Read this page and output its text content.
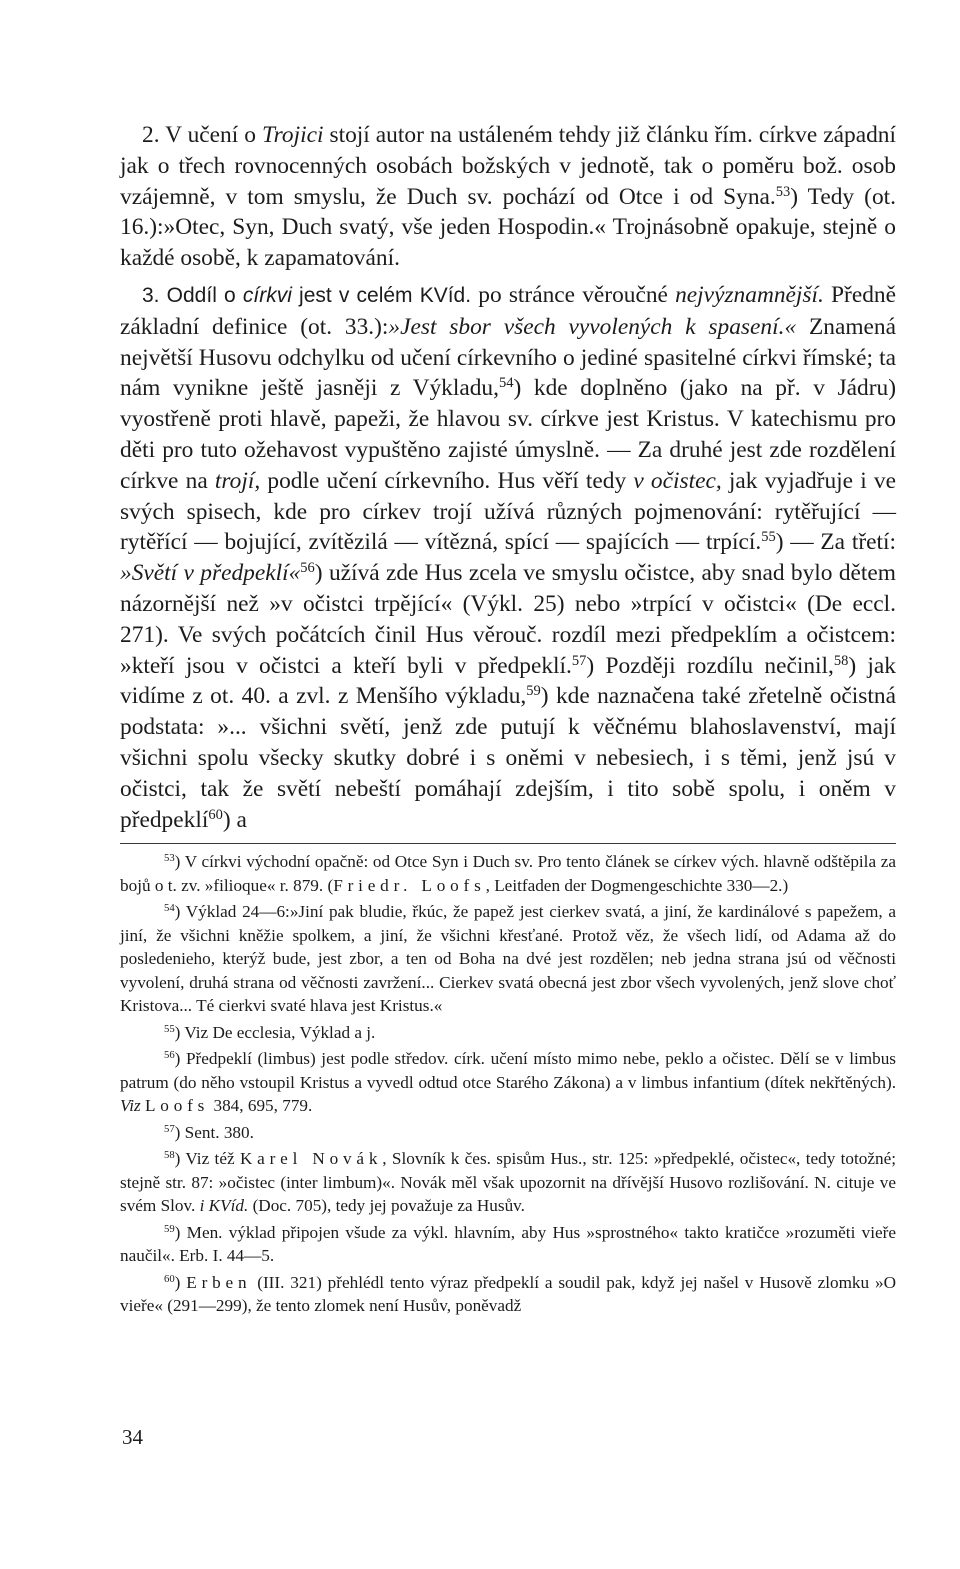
2. V učení o Trojici stojí autor na ustáleném tehdy již článku řím. církve západní jak o třech rovnocenných osobách božských v jednotě, tak o poměru bož. osob vzájemně, v tom smyslu, že Duch sv. pochází od Otce i od Syna.$^{53}$) Tedy (ot. 16.):»Otec, Syn, Duch svatý, vše jeden Hospodin.« Trojnásobně opakuje, stejně o každé osobě, k zapamatování.

3. Oddíl o církvi jest v celém KVíd. po stránce věroučné nejvýznamnější. Předně základní definice (ot. 33.):»Jest sbor všech vyvolených k spasení.« Znamená největší Husovu odchylku od učení církevního o jediné spasitelné církvi římské; ta nám vynikne ještě jasněji z Výkladu,$^{54}$) kde doplněno (jako na př. v Jádru) vyostřeně proti hlavě, papeži, že hlavou sv. církve jest Kristus. V katechismu pro děti pro tuto ožehavost vypuštěno zajisté úmyslně. — Za druhé jest zde rozdělení církve na trojí, podle učení církevního. Hus věří tedy v očistec, jak vyjadřuje i ve svých spisech, kde pro církev trojí užívá různých pojmenování: rytěřující — rytěřící — bojující, zvítězilá — vítězná, spící — spajících — trpící.$^{55}$) — Za třetí: »Světí v předpeklí«$^{56}$) užívá zde Hus zcela ve smyslu očistce, aby snad bylo dětem názornější než »v očistci trpějící« (Výkl. 25) nebo »trpící v očistci« (De eccl. 271). Ve svých počátcích činil Hus věrouč. rozdíl mezi předpeklím a očistcem: »kteří jsou v očistci a kteří byli v předpeklí.$^{57}$) Později rozdílu nečinil,$^{58}$) jak vidíme z ot. 40. a zvl. z Menšího výkladu,$^{59}$) kde naznačena také zřetelně očistná podstata: »... všichni světí, jenž zde putují k věčnému blahoslavenství, mají všichni spolu všecky skutky dobré i s oněmi v nebesiech, i s těmi, jenž jsú v očistci, tak že světí nebeští pomáhají zdejším, i tito sobě spolu, i oněm v předpeklí$^{60}$) a

$^{53}$) V církvi východní opačně: od Otce Syn i Duch sv. Pro tento článek se církev vých. hlavně odštěpila za bojů o t. zv. »filioque« r. 879. (Friedr. Loofs, Leitfaden der Dogmengeschichte 330—2.)

$^{54}$) Výklad 24—6:»Jiní pak bludie, řkúc, že papež jest cierkev svatá, a jiní, že kardinálové s papežem, a jiní, že všichni kněžie spolkem, a jiní, že všichni křesťané. Protož věz, že všech lidí, od Adama až do posledenieho, kterýž bude, jest zbor, a ten od Boha na dvé jest rozdělen; neb jedna strana jsú od věčnosti vyvolení, druhá strana od věčnosti zavržení... Cierkev svatá obecná jest zbor všech vyvolených, jenž slove choť Kristova... Té cierkvi svaté hlava jest Kristus.«

$^{55}$) Viz De ecclesia, Výklad a j.

$^{56}$) Předpeklí (limbus) jest podle středov. círk. učení místo mimo nebe, peklo a očistec. Dělí se v limbus patrum (do něho vstoupil Kristus a vyvedl odtud otce Starého Zákona) a v limbus infantium (dítek nekřtěných). Viz Loofs 384, 695, 779.

$^{57}$) Sent. 380.

$^{58}$) Viz též Karel Novák, Slovník k čes. spisům Hus., str. 125: »předpeklé, očistec«, tedy totožné; stejně str. 87: »očistec (inter limbum)«. Novák měl však upozornit na dřívější Husovo rozlišování. N. cituje ve svém Slov. i KVíd. (Doc. 705), tedy jej považuje za Husův.

$^{59}$) Men. výklad připojen všude za výkl. hlavním, aby Hus »sprostného« takto kratičce »rozuměti vieře naučil«. Erb. I. 44—5.

$^{60}$) Erben (III. 321) přehlédl tento výraz předpeklí a soudil pak, když jej našel v Husově zlomku »O vieře« (291—299), že tento zlomek není Husův, poněvadž

34
